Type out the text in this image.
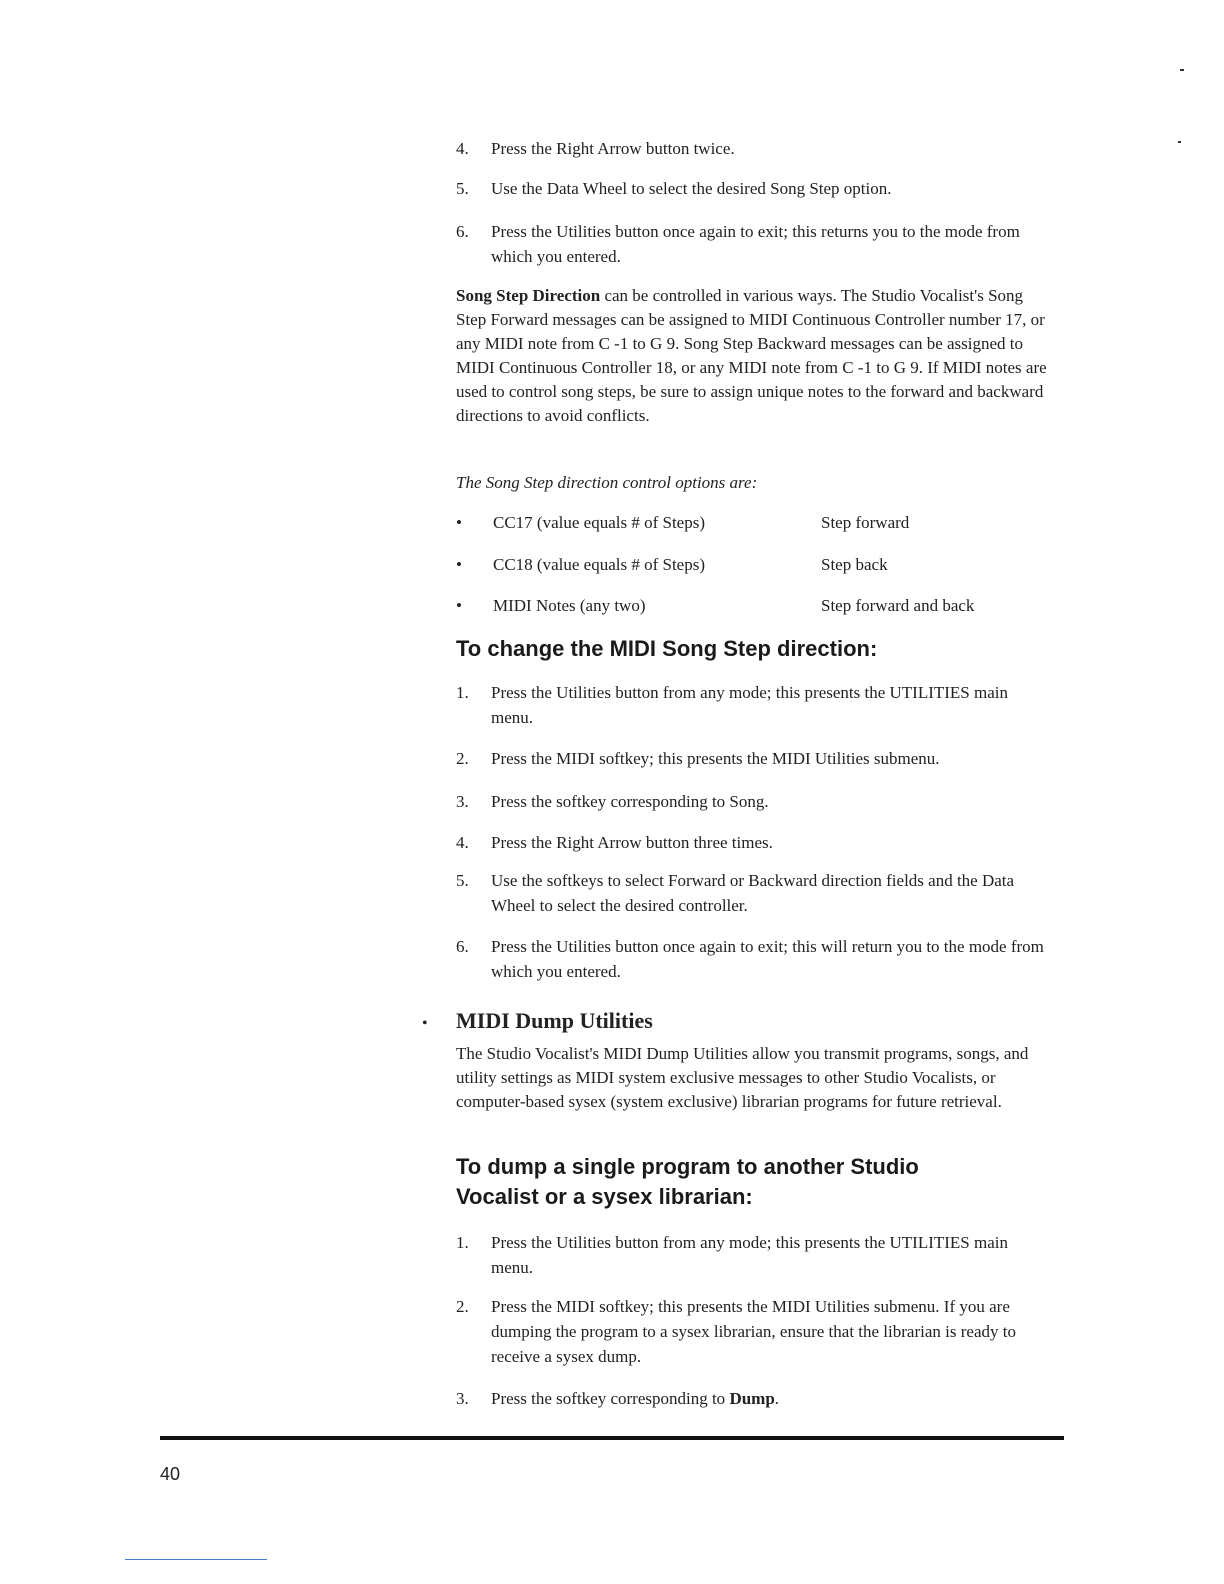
4.	Press the Right Arrow button twice.
5.	Use the Data Wheel to select the desired Song Step option.
6.	Press the Utilities button once again to exit; this returns you to the mode from which you entered.
Song Step Direction can be controlled in various ways. The Studio Vocalist's Song Step Forward messages can be assigned to MIDI Continuous Controller number 17, or any MIDI note from C -1 to G 9. Song Step Backward messages can be assigned to MIDI Continuous Controller 18, or any MIDI note from C -1 to G 9. If MIDI notes are used to control song steps, be sure to assign unique notes to the forward and backward directions to avoid conflicts.
The Song Step direction control options are:
• CC17 (value equals # of Steps)	Step forward
• CC18 (value equals # of Steps)	Step back
• MIDI Notes (any two)	Step forward and back
To change the MIDI Song Step direction:
1.	Press the Utilities button from any mode; this presents the UTILITIES main menu.
2.	Press the MIDI softkey; this presents the MIDI Utilities submenu.
3.	Press the softkey corresponding to Song.
4.	Press the Right Arrow button three times.
5.	Use the softkeys to select Forward or Backward direction fields and the Data Wheel to select the desired controller.
6.	Press the Utilities button once again to exit; this will return you to the mode from which you entered.
• MIDI Dump Utilities
The Studio Vocalist's MIDI Dump Utilities allow you transmit programs, songs, and utility settings as MIDI system exclusive messages to other Studio Vocalists, or computer-based sysex (system exclusive) librarian programs for future retrieval.
To dump a single program to another Studio Vocalist or a sysex librarian:
1.	Press the Utilities button from any mode; this presents the UTILITIES main menu.
2.	Press the MIDI softkey; this presents the MIDI Utilities submenu. If you are dumping the program to a sysex librarian, ensure that the librarian is ready to receive a sysex dump.
3.	Press the softkey corresponding to Dump.
40
